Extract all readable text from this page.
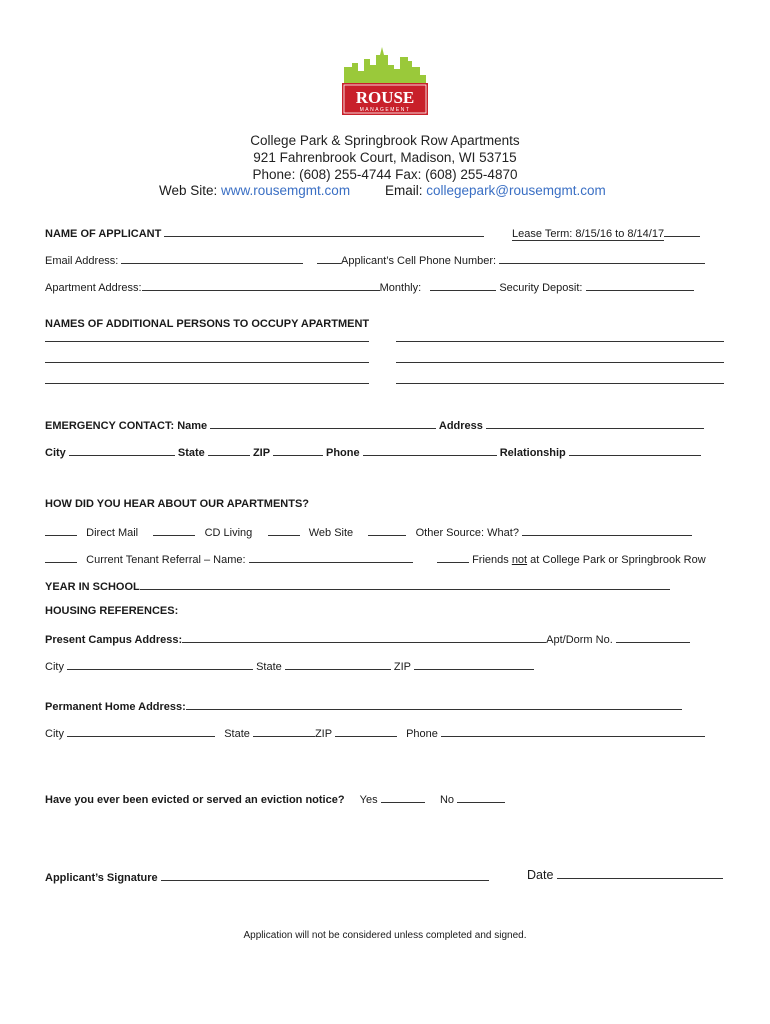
ROUSE
MANAGEMENT
College Park & Springbrook Row Apartments
921 Fahrenbrook Court, Madison, WI 53715
Phone: (608) 255-4744 Fax: (608) 255-4870
Web Site: www.rousemgmt.com	Email: collegepark@rousemgmt.com
NAME OF APPLICANT	Lease Term: 8/15/16 to 8/14/17
Email Address:	Applicant’s Cell Phone Number:
Apartment Address:	Monthly:	Security Deposit:
NAMES OF ADDITIONAL PERSONS TO OCCUPY APARTMENT
EMERGENCY CONTACT: Name	Address
City	State	ZIP	Phone	Relationship
HOW DID YOU HEAR ABOUT OUR APARTMENTS?
Direct Mail	CD Living	Web Site	Other Source: What?
Current Tenant Referral – Name:	Friends not at College Park or Springbrook Row
YEAR IN SCHOOL
HOUSING REFERENCES:
Present Campus Address:	Apt/Dorm No.
City	State	ZIP
Permanent Home Address:
City	State	ZIP	Phone
Have you ever been evicted or served an eviction notice? Yes	No
Applicant’s Signature	Date
Application will not be considered unless completed and signed.
